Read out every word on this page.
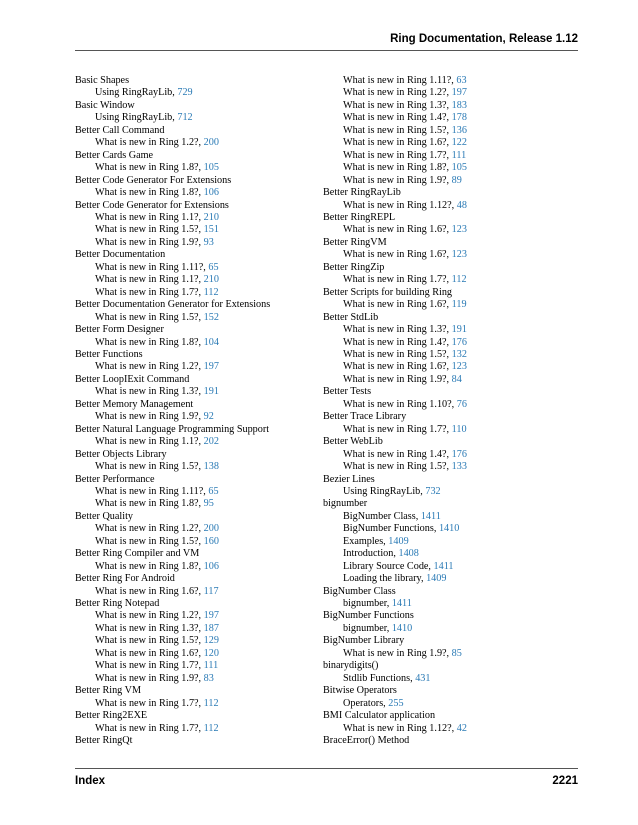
Ring Documentation, Release 1.12
Basic Shapes
Using RingRayLib, 729
Basic Window
Using RingRayLib, 712
Better Call Command
What is new in Ring 1.2?, 200
Better Cards Game
What is new in Ring 1.8?, 105
Better Code Generator For Extensions
What is new in Ring 1.8?, 106
Better Code Generator for Extensions
What is new in Ring 1.1?, 210
What is new in Ring 1.5?, 151
What is new in Ring 1.9?, 93
Better Documentation
What is new in Ring 1.11?, 65
What is new in Ring 1.1?, 210
What is new in Ring 1.7?, 112
Better Documentation Generator for Extensions
What is new in Ring 1.5?, 152
Better Form Designer
What is new in Ring 1.8?, 104
Better Functions
What is new in Ring 1.2?, 197
Better LoopIExit Command
What is new in Ring 1.3?, 191
Better Memory Management
What is new in Ring 1.9?, 92
Better Natural Language Programming Support
What is new in Ring 1.1?, 202
Better Objects Library
What is new in Ring 1.5?, 138
Better Performance
What is new in Ring 1.11?, 65
What is new in Ring 1.8?, 95
Better Quality
What is new in Ring 1.2?, 200
What is new in Ring 1.5?, 160
Better Ring Compiler and VM
What is new in Ring 1.8?, 106
Better Ring For Android
What is new in Ring 1.6?, 117
Better Ring Notepad
What is new in Ring 1.2?, 197
What is new in Ring 1.3?, 187
What is new in Ring 1.5?, 129
What is new in Ring 1.6?, 120
What is new in Ring 1.7?, 111
What is new in Ring 1.9?, 83
Better Ring VM
What is new in Ring 1.7?, 112
Better Ring2EXE
What is new in Ring 1.7?, 112
Better RingQt
What is new in Ring 1.11?, 63
What is new in Ring 1.2?, 197
What is new in Ring 1.3?, 183
What is new in Ring 1.4?, 178
What is new in Ring 1.5?, 136
What is new in Ring 1.6?, 122
What is new in Ring 1.7?, 111
What is new in Ring 1.8?, 105
What is new in Ring 1.9?, 89
Better RingRayLib
What is new in Ring 1.12?, 48
Better RingREPL
What is new in Ring 1.6?, 123
Better RingVM
What is new in Ring 1.6?, 123
Better RingZip
What is new in Ring 1.7?, 112
Better Scripts for building Ring
What is new in Ring 1.6?, 119
Better StdLib
What is new in Ring 1.3?, 191
What is new in Ring 1.4?, 176
What is new in Ring 1.5?, 132
What is new in Ring 1.6?, 123
What is new in Ring 1.9?, 84
Better Tests
What is new in Ring 1.10?, 76
Better Trace Library
What is new in Ring 1.7?, 110
Better WebLib
What is new in Ring 1.4?, 176
What is new in Ring 1.5?, 133
Bezier Lines
Using RingRayLib, 732
bignumber
BigNumber Class, 1411
BigNumber Functions, 1410
Examples, 1409
Introduction, 1408
Library Source Code, 1411
Loading the library, 1409
BigNumber Class
bignumber, 1411
BigNumber Functions
bignumber, 1410
BigNumber Library
What is new in Ring 1.9?, 85
binarydigits()
Stdlib Functions, 431
Bitwise Operators
Operators, 255
BMI Calculator application
What is new in Ring 1.12?, 42
BraceError() Method
Index	2221
